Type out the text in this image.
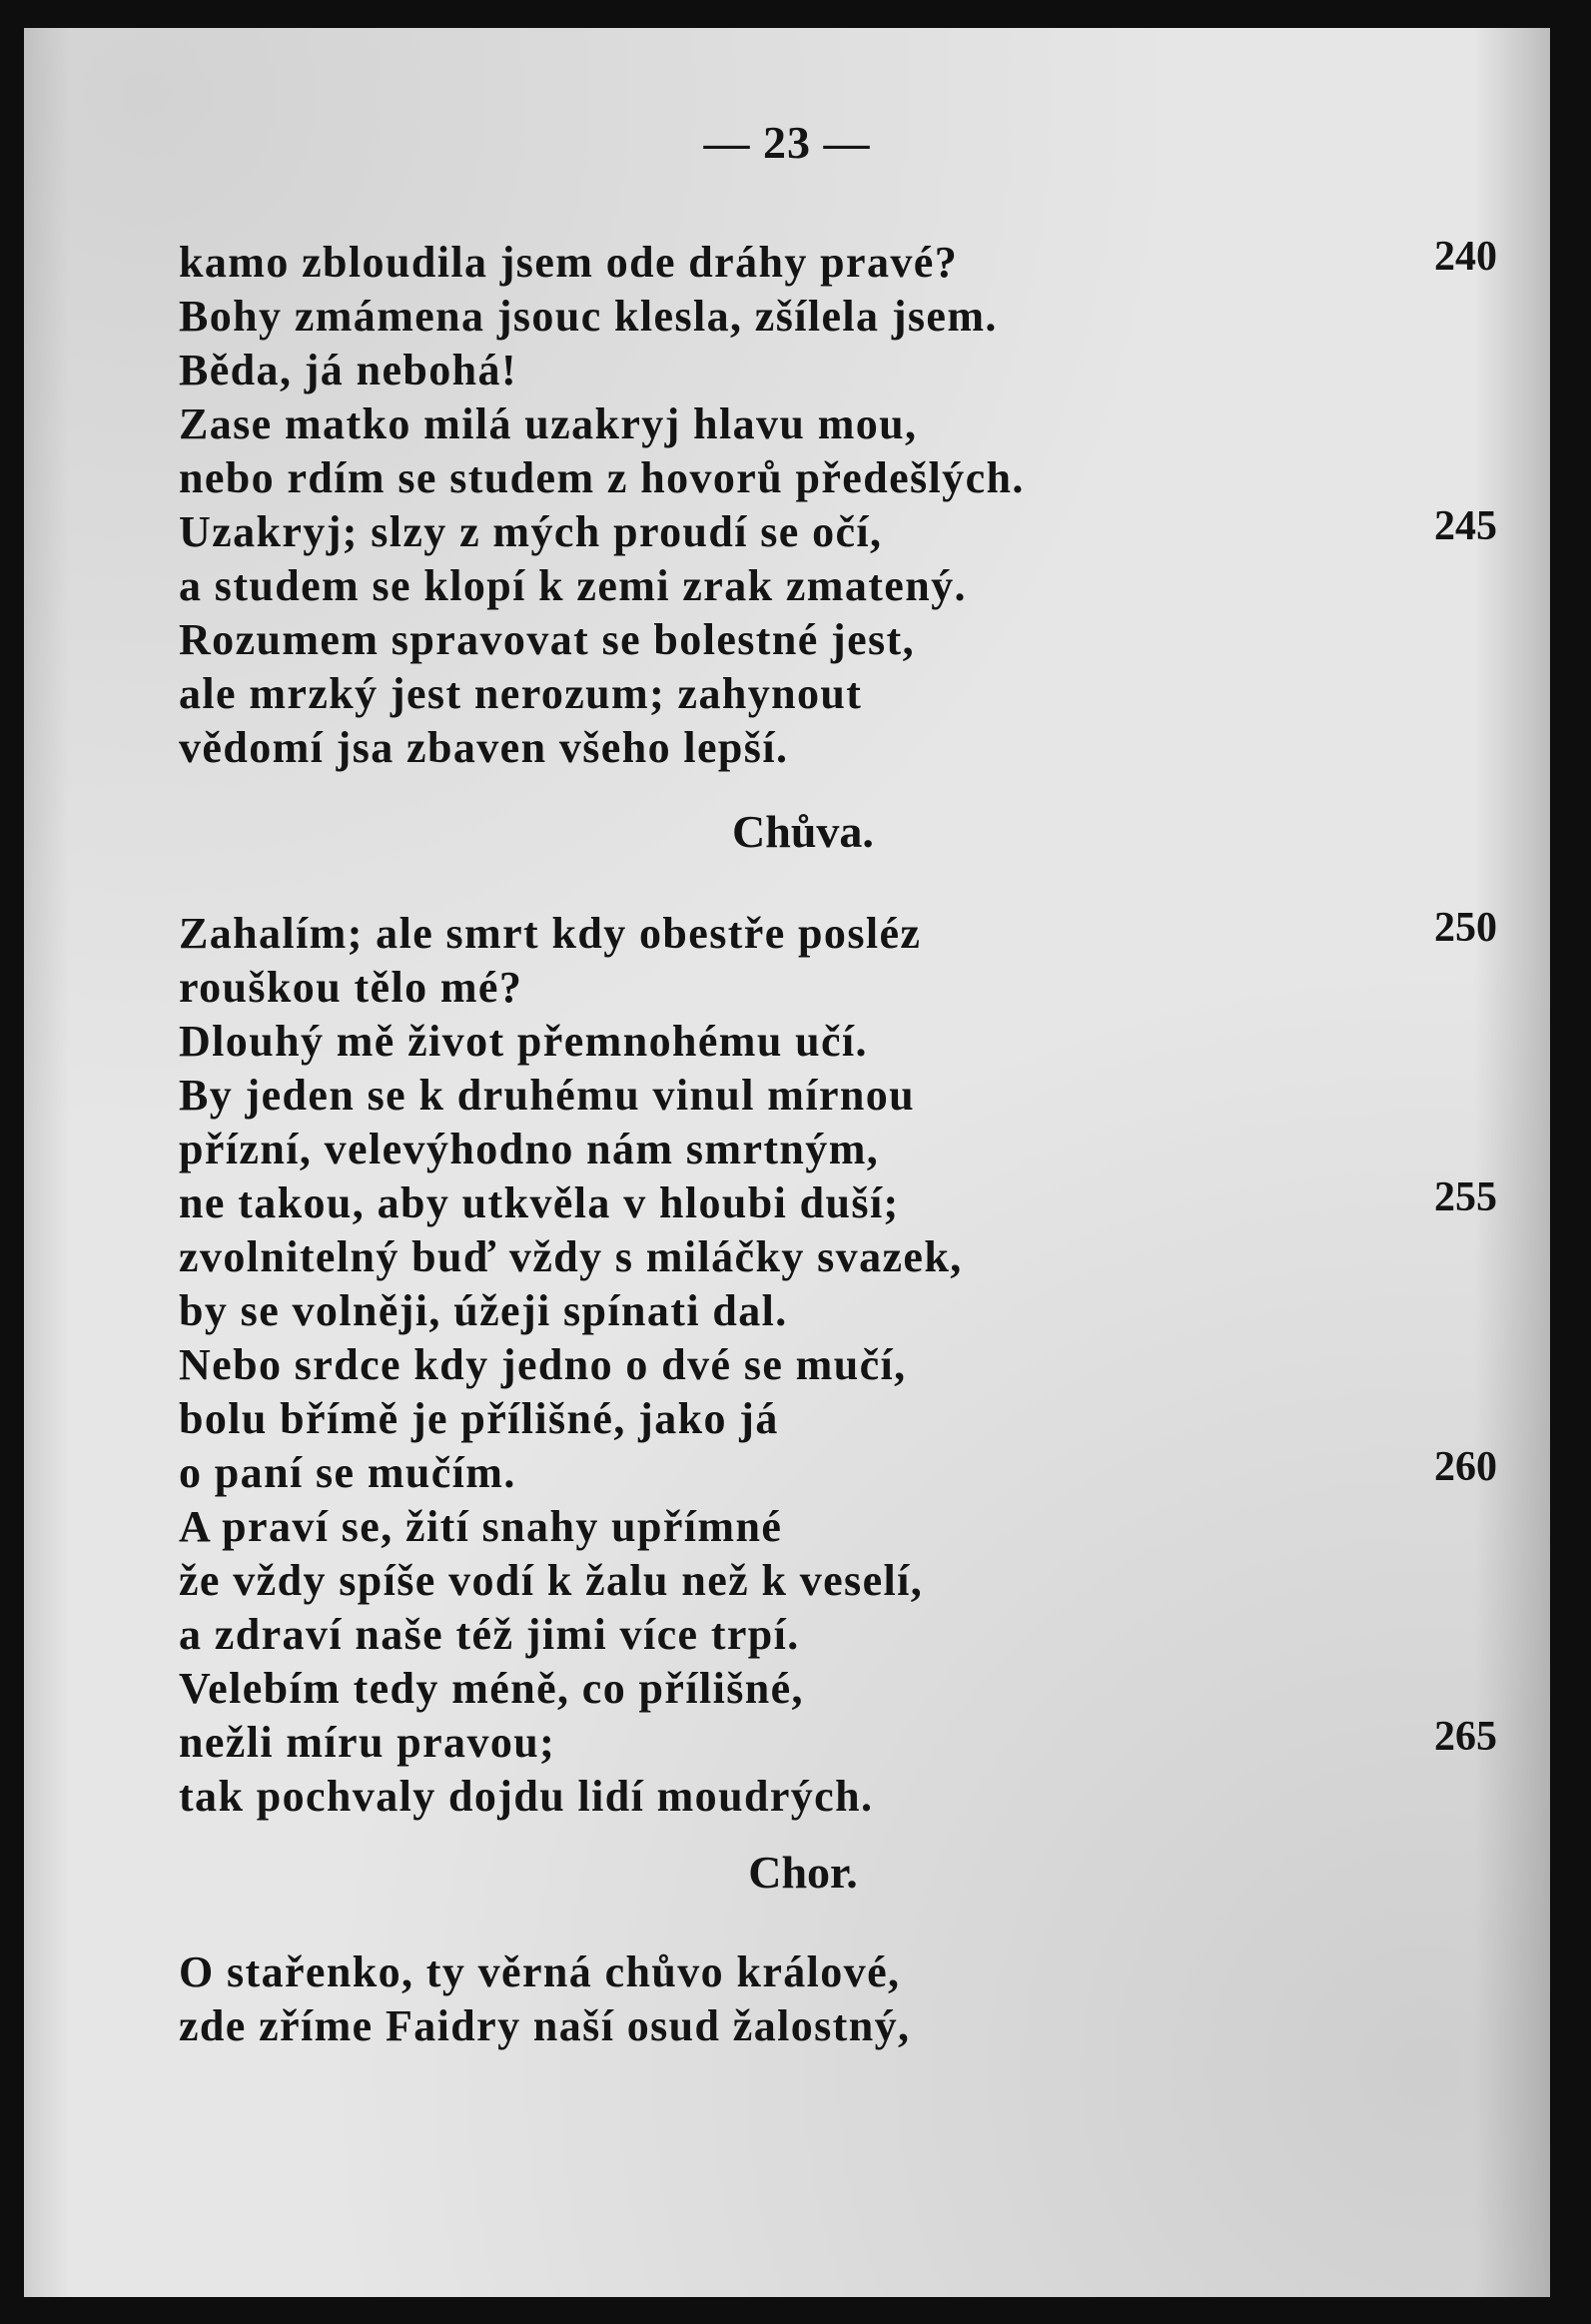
— 23 —
kamo zbloudila jsem ode dráhy pravé?	240
Bohy zmámena jsouc klesla, zšílela jsem.
Běda, já nebohá!
Zase matko milá uzakryj hlavu mou,
nebo rdím se studem z hovorů předešlých.
Uzakryj; slzy z mých proudí se očí,	245
a studem se klopí k zemi zrak zmatený.
Rozumem spravovat se bolestné jest,
ale mrzký jest nerozum; zahynout
vědomí jsa zbaven všeho lepší.
Chůva.
Zahalím; ale smrt kdy obestře posléz	250
rouškou tělo mé?
Dlouhý mě život přemnohému učí.
By jeden se k druhému vinul mírnou
přízní, velevýhodno nám smrtným,
ne takou, aby utkvěla v hloubi duší;	255
zvolnitelný buď vždy s miláčky svazek,
by se volněji, úžeji spínati dal.
Nebo srdce kdy jedno o dvé se mučí,
bolu břímě je přílišné, jako já
o paní se mučím.	260
A praví se, žití snahy upřímné
že vždy spíše vodí k žalu než k veselí,
a zdraví naše též jimi více trpí.
Velebím tedy méně, co přílišné,
nežli míru pravou;	265
tak pochvaly dojdu lidí moudrých.
Chor.
O stařenko, ty věrná chůvo králové,
zde zříme Faidry naší osud žalostný,
